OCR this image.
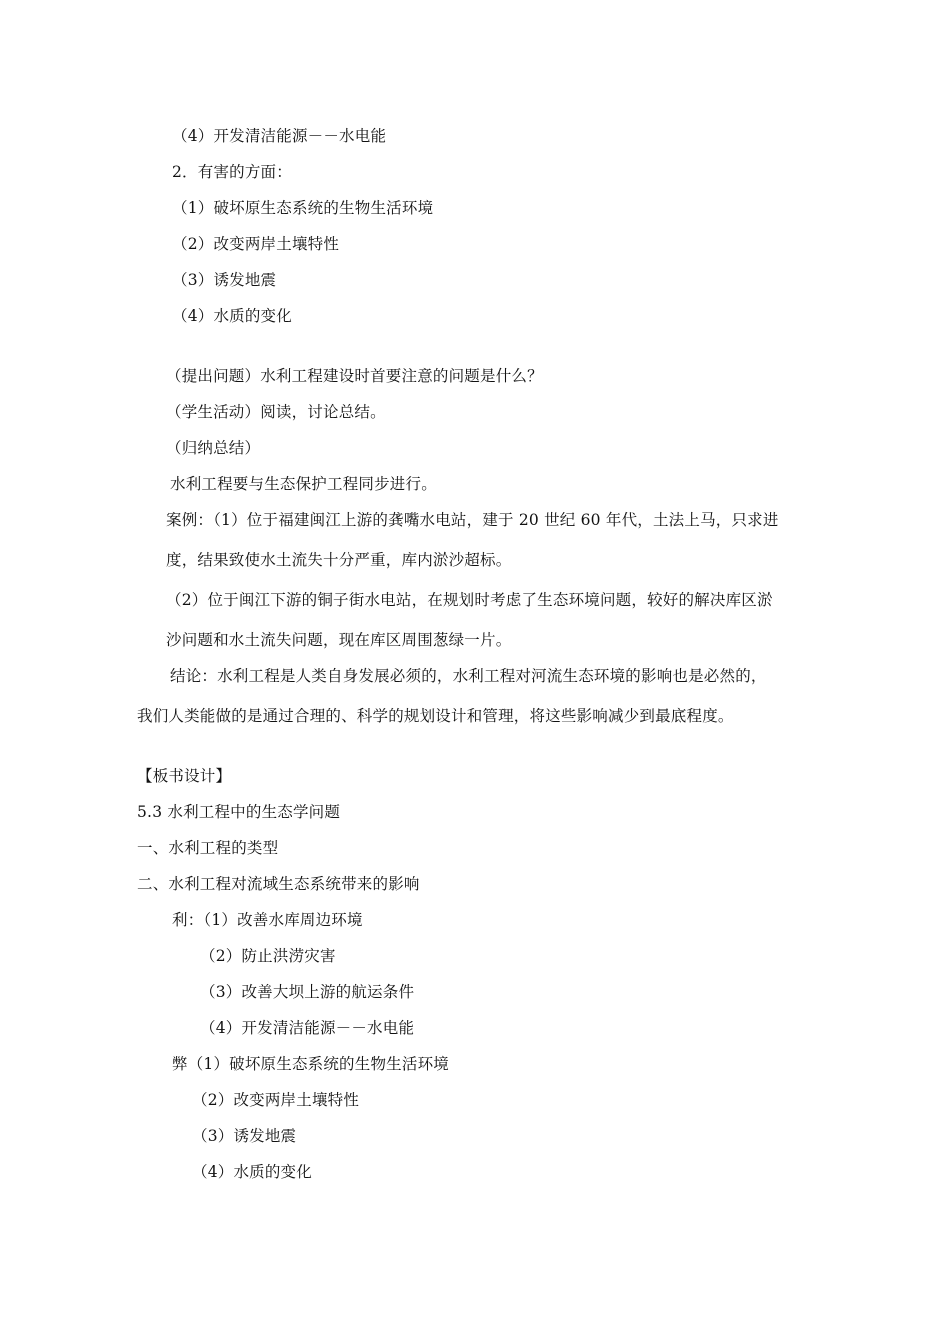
（4）开发清洁能源－－水电能
2．有害的方面：
（1）破坏原生态系统的生物生活环境
（2）改变两岸土壤特性
（3）诱发地震
（4）水质的变化
（提出问题）水利工程建设时首要注意的问题是什么？
（学生活动）阅读，讨论总结。
（归纳总结）
水利工程要与生态保护工程同步进行。
案例：（1）位于福建闽江上游的龚嘴水电站，建于 20 世纪 60 年代，土法上马，只求进
度，结果致使水土流失十分严重，库内淤沙超标。
（2）位于闽江下游的铜子街水电站，在规划时考虑了生态环境问题，较好的解决库区淤
沙问题和水土流失问题，现在库区周围葱绿一片。
结论：水利工程是人类自身发展必须的，水利工程对河流生态环境的影响也是必然的，
我们人类能做的是通过合理的、科学的规划设计和管理，将这些影响减少到最底程度。
【板书设计】
5.3 水利工程中的生态学问题
一、水利工程的类型
二、水利工程对流域生态系统带来的影响
利：（1）改善水库周边环境
（2）防止洪涝灾害
（3）改善大坝上游的航运条件
（4）开发清洁能源－－水电能
弊（1）破坏原生态系统的生物生活环境
（2）改变两岸土壤特性
（3）诱发地震
（4）水质的变化
